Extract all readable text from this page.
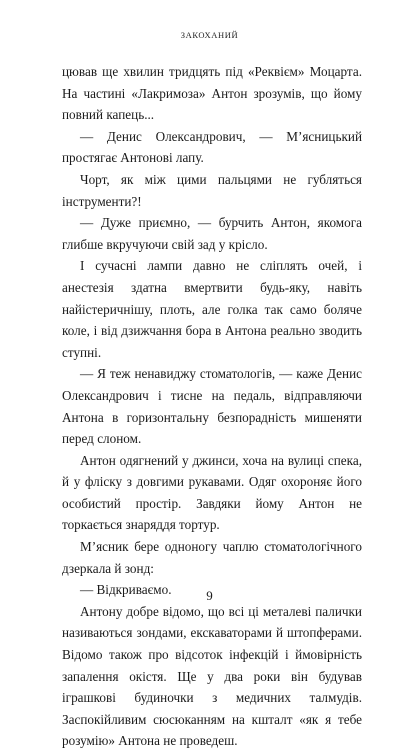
ЗАКОХАНИЙ

цював ще хвилин тридцять під «Реквієм» Моцарта. На частині «Лакримоза» Антон зрозумів, що йому повний капець...

— Денис Олександрович, — М’ясницький простягає Антонові лапу.

Чорт, як між цими пальцями не губляться інструменти?!

— Дуже приємно, — бурчить Антон, якомога глибше вкручуючи свій зад у крісло.

І сучасні лампи давно не сліплять очей, і анестезія здатна вмертвити будь-яку, навіть найістеричнішу, плоть, але голка так само боляче коле, і від дзижчання бора в Антона реально зводить ступні.

— Я теж ненавиджу стоматологів, — каже Денис Олександрович і тисне на педаль, відправляючи Антона в горизонтальну безпорадність мишеняти перед слоном.

Антон одягнений у джинси, хоча на вулиці спека, й у фліску з довгими рукавами. Одяг охороняє його особистий простір. Завдяки йому Антон не торкається знаряддя тортур.

М’ясник бере одноногу чаплю стоматологічного дзеркала й зонд:

— Відкриваємо.

Антону добре відомо, що всі ці металеві палички називаються зондами, екскаваторами й штопферами. Відомо також про відсоток інфекцій і ймовірність запалення окістя. Ще у два роки він будував іграшкові будиночки з медичних талмудів. Заспокійливим сюсюканням на кшталт «як я тебе розумію» Антона не проведеш.

9
